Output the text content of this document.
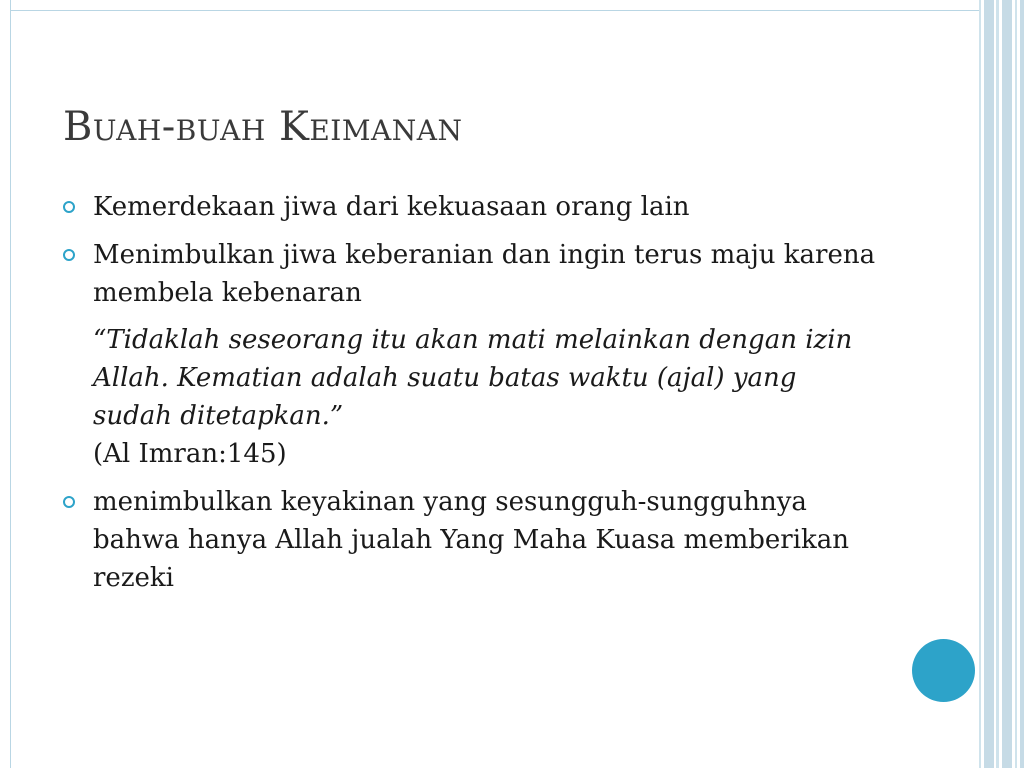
Buah-buah Keimanan
Kemerdekaan jiwa dari kekuasaan orang lain
Menimbulkan jiwa keberanian dan ingin terus maju karena membela kebenaran
“Tidaklah seseorang itu akan mati melainkan dengan izin Allah. Kematian adalah suatu batas waktu (ajal) yang sudah ditetapkan.”
(Al Imran:145)
menimbulkan keyakinan yang sesungguh-sungguhnya bahwa hanya Allah jualah Yang Maha Kuasa memberikan rezeki
